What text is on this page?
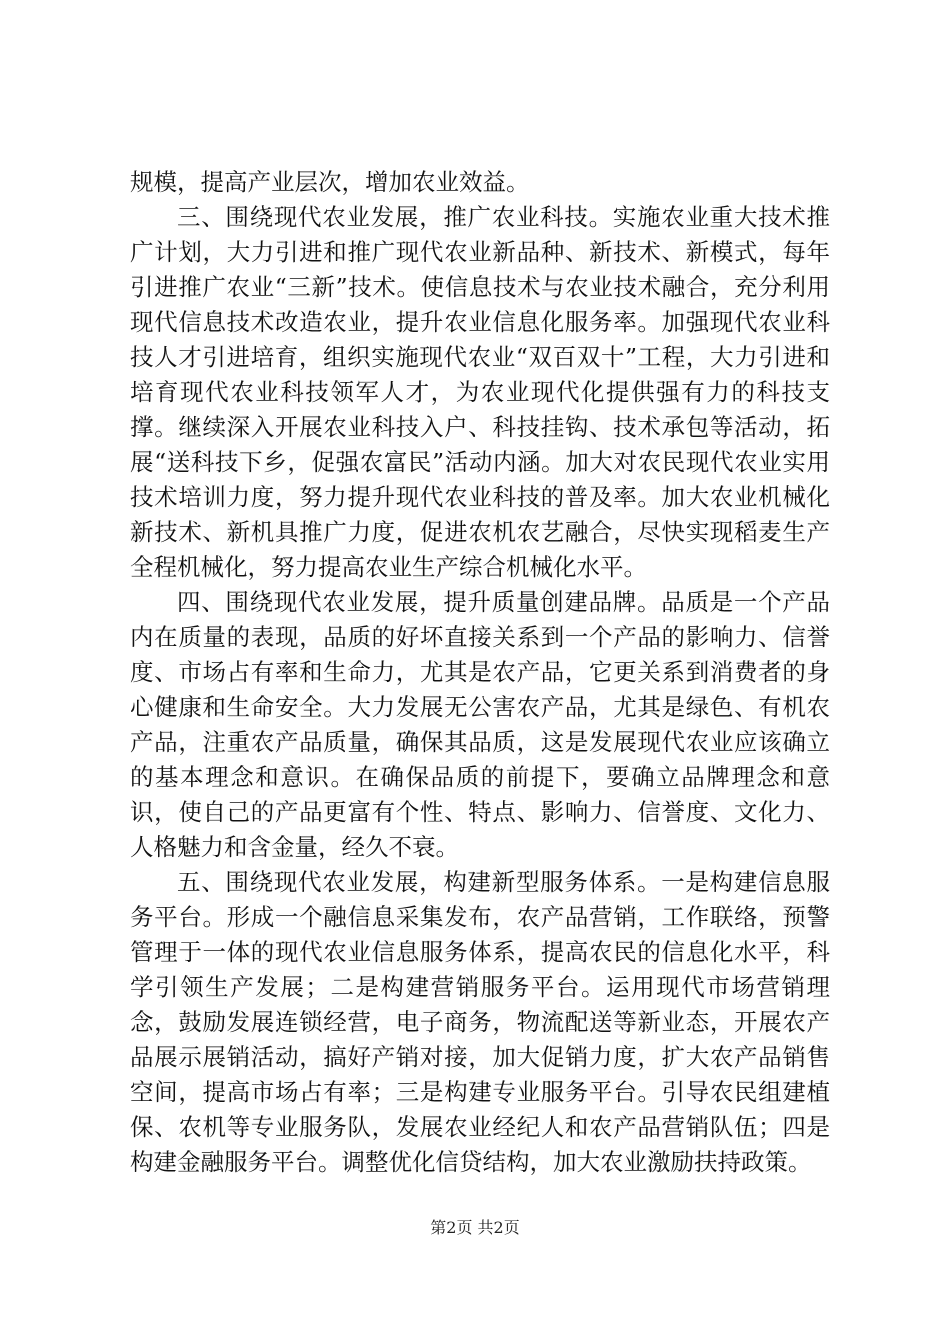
规模，提高产业层次，增加农业效益。

三、围绕现代农业发展，推广农业科技。实施农业重大技术推广计划，大力引进和推广现代农业新品种、新技术、新模式，每年引进推广农业“三新”技术。使信息技术与农业技术融合，充分利用现代信息技术改造农业，提升农业信息化服务率。加强现代农业科技人才引进培育，组织实施现代农业“双百双十”工程，大力引进和培育现代农业科技领军人才，为农业现代化提供强有力的科技支撑。继续深入开展农业科技入户、科技挂钩、技术承包等活动，拓展“送科技下乡，促强农富民”活动内涵。加大对农民现代农业实用技术培训力度，努力提升现代农业科技的普及率。加大农业机械化新技术、新机具推广力度，促进农机农艺融合，尽快实现稻麦生产全程机械化，努力提高农业生产综合机械化水平。

四、围绕现代农业发展，提升质量创建品牌。品质是一个产品内在质量的表现，品质的好坏直接关系到一个产品的影响力、信誉度、市场占有率和生命力，尤其是农产品，它更关系到消费者的身心健康和生命安全。大力发展无公害农产品，尤其是绿色、有机农产品，注重农产品质量，确保其品质，这是发展现代农业应该确立的基本理念和意识。在确保品质的前提下，要确立品牌理念和意识，使自己的产品更富有个性、特点、影响力、信誉度、文化力、人格魅力和含金量，经久不衰。

五、围绕现代农业发展，构建新型服务体系。一是构建信息服务平台。形成一个融信息采集发布，农产品营销，工作联络，预警管理于一体的现代农业信息服务体系，提高农民的信息化水平，科学引领生产发展；二是构建营销服务平台。运用现代市场营销理念，鼓励发展连锁经营，电子商务，物流配送等新业态，开展农产品展示展销活动，搞好产销对接，加大促销力度，扩大农产品销售空间，提高市场占有率；三是构建专业服务平台。引导农民组建植保、农机等专业服务队，发展农业经纪人和农产品营销队伍；四是构建金融服务平台。调整优化信贷结构，加大农业激励扶持政策。

第2页 共2页
